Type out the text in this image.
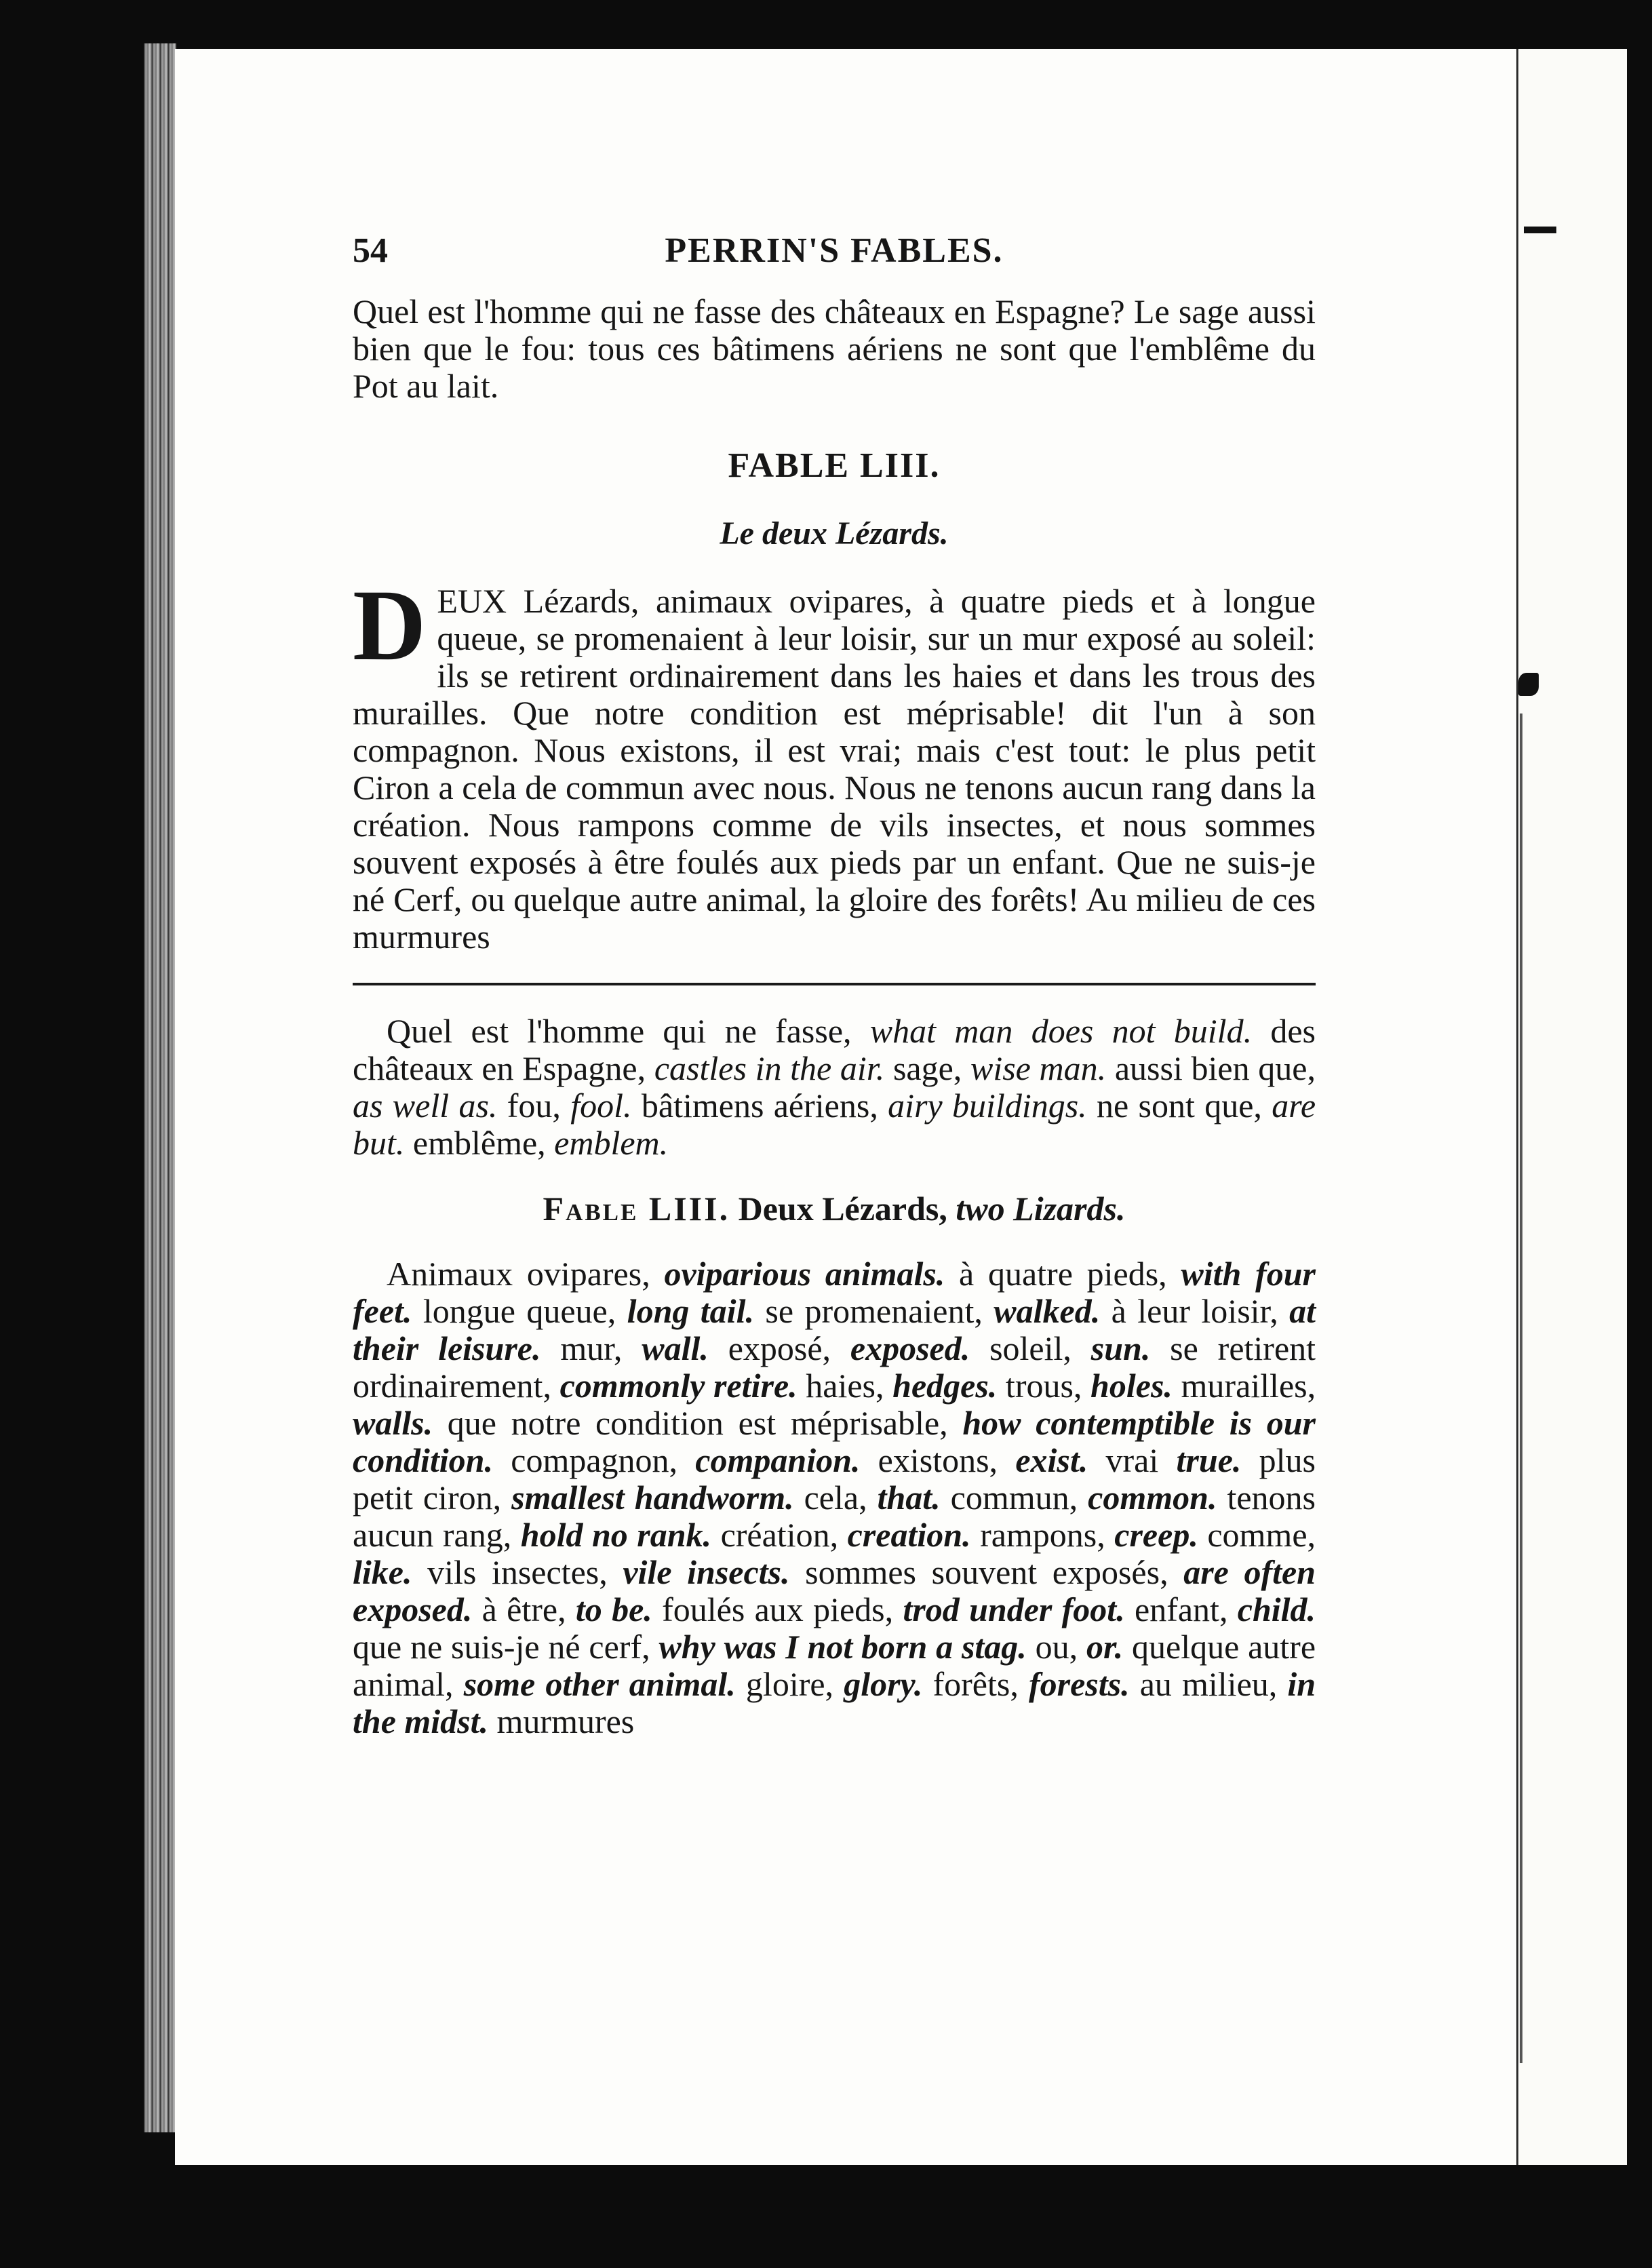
54	PERRIN'S FABLES.

Quel est l'homme qui ne fasse des châteaux en Espagne? Le sage aussi bien que le fou: tous ces bâtimens aériens ne sont que l'emblême du Pot au lait.

FABLE LIII.
Le deux Lézards.
D EUX Lézards, animaux ovipares, à quatre pieds et à longue queue, se promenaient à leur loisir, sur un mur exposé au soleil: ils se retirent ordinairement dans les haies et dans les trous des murailles. Que notre condition est méprisable! dit l'un à son compagnon. Nous existons, il est vrai; mais c'est tout: le plus petit Ciron a cela de commun avec nous. Nous ne tenons aucun rang dans la création. Nous rampons comme de vils insectes, et nous sommes souvent exposés à être foulés aux pieds par un enfant. Que ne suis-je né Cerf, ou quelque autre animal, la gloire des forêts! Au milieu de ces murmures
Quel est l'homme qui ne fasse, what man does not build. des châteaux en Espagne, castles in the air. sage, wise man. aussi bien que, as well as. fou, fool. bâtimens aériens, airy buildings. ne sont que, are but. emblême, emblem.
Fable LIII. Deux Lézards, two Lizards.
Animaux ovipares, oviparious animals. à quatre pieds, with four feet. longue queue, long tail. se promenaient, walked. à leur loisir, at their leisure. mur, wall. exposé, exposed. soleil, sun. se retirent ordinairement, commonly retire. haies, hedges. trous, holes. murailles, walls. que notre condition est méprisable, how contemptible is our condition. compagnon, companion. existons, exist. vrai true. plus petit ciron, smallest handworm. cela, that. commun, common. tenons aucun rang, hold no rank. création, creation. rampons, creep. comme, like. vils insectes, vile insects. sommes souvent exposés, are often exposed. à être, to be. foulés aux pieds, trod under foot. enfant, child. que ne suis-je né cerf, why was I not born a stag. ou, or. quelque autre animal, some other animal. gloire, glory. forêts, forests. au milieu, in the midst. murmures
